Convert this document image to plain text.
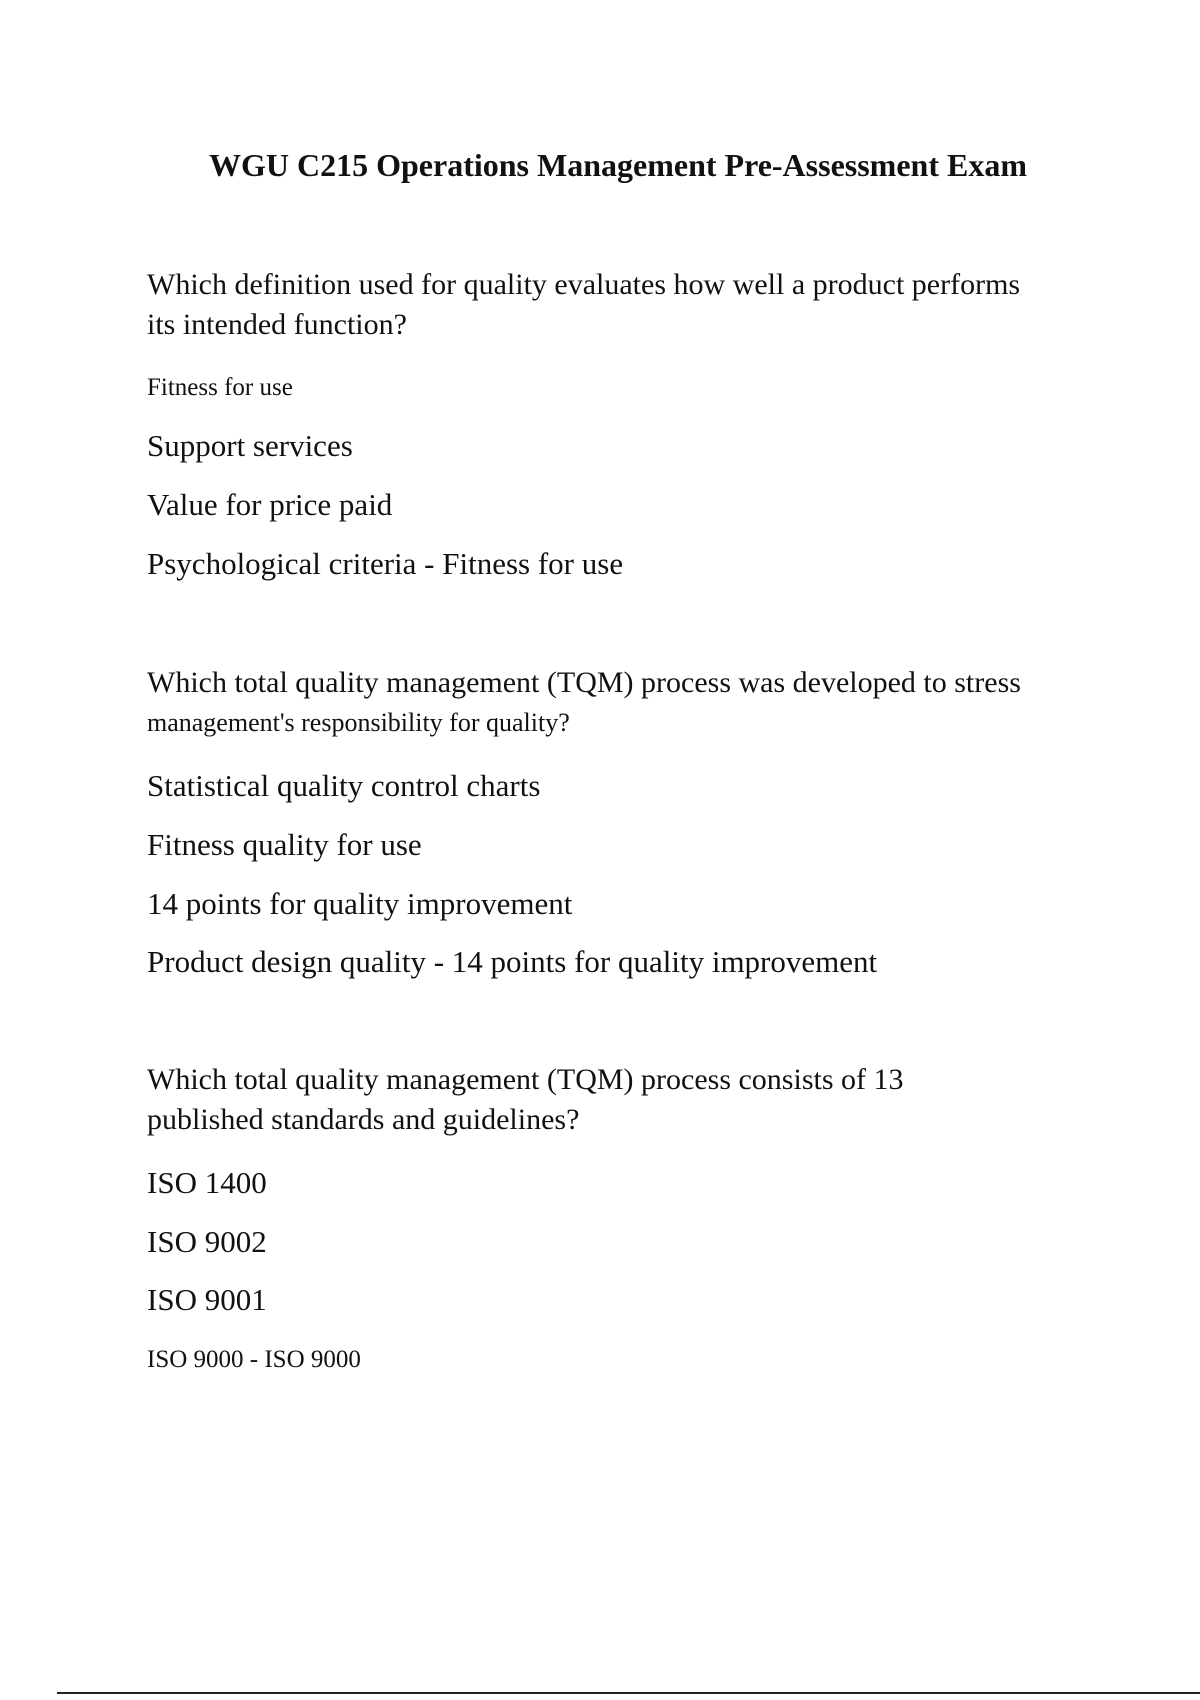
WGU C215 Operations Management Pre-Assessment Exam
Which definition used for quality evaluates how well a product performs
its intended function?
Fitness for use
Support services
Value for price paid
Psychological criteria - Fitness for use
Which total quality management (TQM) process was developed to stress
management's responsibility for quality?
Statistical quality control charts
Fitness quality for use
14 points for quality improvement
Product design quality - 14 points for quality improvement
Which total quality management (TQM) process consists of 13
published standards and guidelines?
ISO 1400
ISO 9002
ISO 9001
ISO 9000 - ISO 9000
